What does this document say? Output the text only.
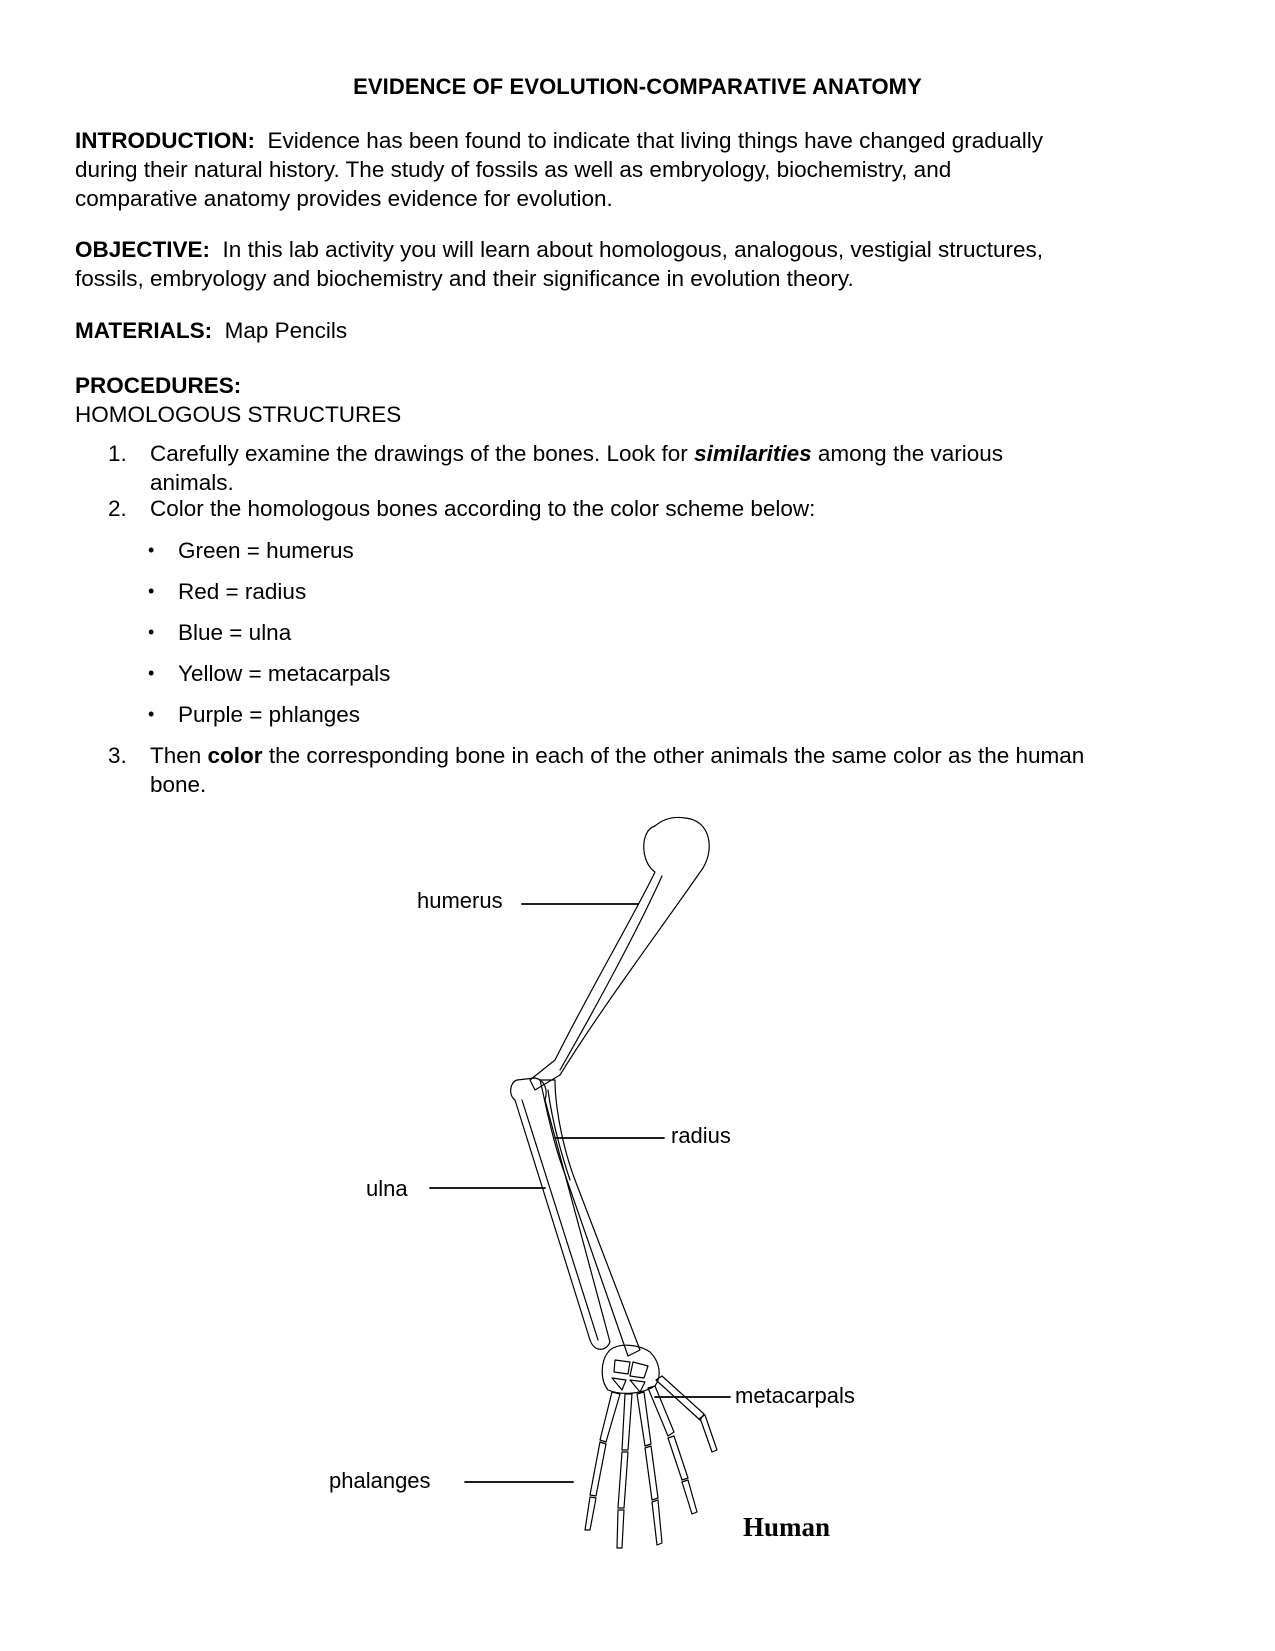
EVIDENCE OF EVOLUTION-COMPARATIVE ANATOMY
INTRODUCTION: Evidence has been found to indicate that living things have changed gradually
during their natural history. The study of fossils as well as embryology, biochemistry, and
comparative anatomy provides evidence for evolution.
OBJECTIVE: In this lab activity you will learn about homologous, analogous, vestigial structures,
fossils, embryology and biochemistry and their significance in evolution theory.
MATERIALS: Map Pencils
PROCEDURES:
HOMOLOGOUS STRUCTURES
1. Carefully examine the drawings of the bones. Look for similarities among the various
animals.
2. Color the homologous bones according to the color scheme below:
• Green = humerus
• Red = radius
• Blue = ulna
• Yellow = metacarpals
• Purple = phlanges
3. Then color the corresponding bone in each of the other animals the same color as the human
bone.
humerus
radius
ulna
metacarpals
phalanges
Human
